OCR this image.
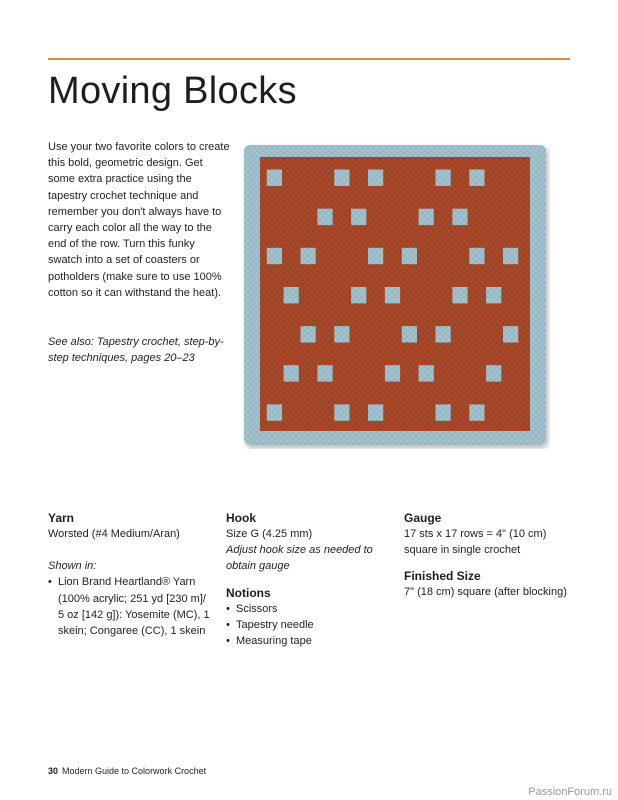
Moving Blocks

Use your two favorite colors to create this bold, geometric design. Get some extra practice using the tapestry crochet technique and remember you don't always have to carry each color all the way to the end of the row. Turn this funky swatch into a set of coasters or potholders (make sure to use 100% cotton so it can withstand the heat).

See also: Tapestry crochet, step-by-step techniques, pages 20–23

Yarn

Worsted (#4 Medium/Aran)

Shown in:

• Lion Brand Heartland® Yarn (100% acrylic; 251 yd [230 m]/ 5 oz [142 g]): Yosemite (MC), 1 skein; Congaree (CC), 1 skein
Hook

Size G (4.25 mm)

Adjust hook size as needed to obtain gauge

Notions
• Scissors
• Tapestry needle
• Measuring tape
Gauge

17 sts x 17 rows = 4" (10 cm) square in single crochet

Finished Size

7" (18 cm) square (after blocking)

30 Modern Guide to Colorwork Crochet
PassionForum.ru
